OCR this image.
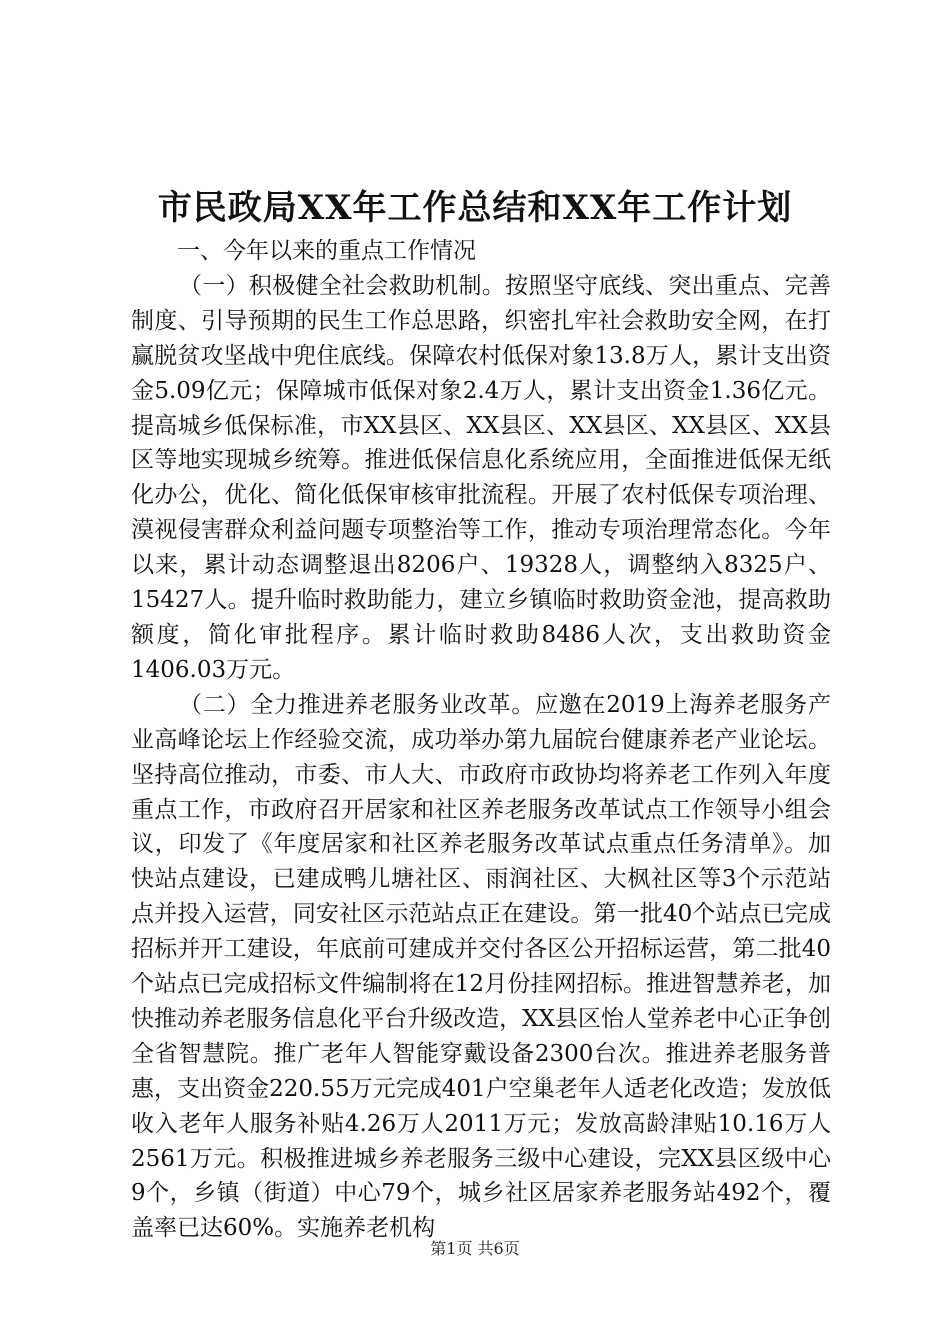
市民政局XX年工作总结和XX年工作计划

一、今年以来的重点工作情况

（一）积极健全社会救助机制。按照坚守底线、突出重点、完善制度、引导预期的民生工作总思路，织密扎牢社会救助安全网，在打赢脱贫攻坚战中兜住底线。保障农村低保对象13.8万人，累计支出资金5.09亿元；保障城市低保对象2.4万人，累计支出资金1.36亿元。提高城乡低保标准，市XX县区、XX县区、XX县区、XX县区、XX县区等地实现城乡统筹。推进低保信息化系统应用，全面推进低保无纸化办公，优化、简化低保审核审批流程。开展了农村低保专项治理、漠视侵害群众利益问题专项整治等工作，推动专项治理常态化。今年以来，累计动态调整退出8206户、19328人，调整纳入8325户、15427人。提升临时救助能力，建立乡镇临时救助资金池，提高救助额度，简化审批程序。累计临时救助8486人次，支出救助资金1406.03万元。

（二）全力推进养老服务业改革。应邀在2019上海养老服务产业高峰论坛上作经验交流，成功举办第九届皖台健康养老产业论坛。坚持高位推动，市委、市人大、市政府市政协均将养老工作列入年度重点工作，市政府召开居家和社区养老服务改革试点工作领导小组会议，印发了《年度居家和社区养老服务改革试点重点任务清单》。加快站点建设，已建成鸭儿塘社区、雨润社区、大枫社区等3个示范站点并投入运营，同安社区示范站点正在建设。第一批40个站点已完成招标并开工建设，年底前可建成并交付各区公开招标运营，第二批40个站点已完成招标文件编制将在12月份挂网招标。推进智慧养老，加快推动养老服务信息化平台升级改造，XX县区怡人堂养老中心正争创全省智慧院。推广老年人智能穿戴设备2300台次。推进养老服务普惠，支出资金220.55万元完成401户空巢老年人适老化改造；发放低收入老年人服务补贴4.26万人2011万元；发放高龄津贴10.16万人2561万元。积极推进城乡养老服务三级中心建设，完XX县区级中心9个，乡镇（街道）中心79个，城乡社区居家养老服务站492个，覆盖率已达60%。实施养老机构

第1页 共6页
